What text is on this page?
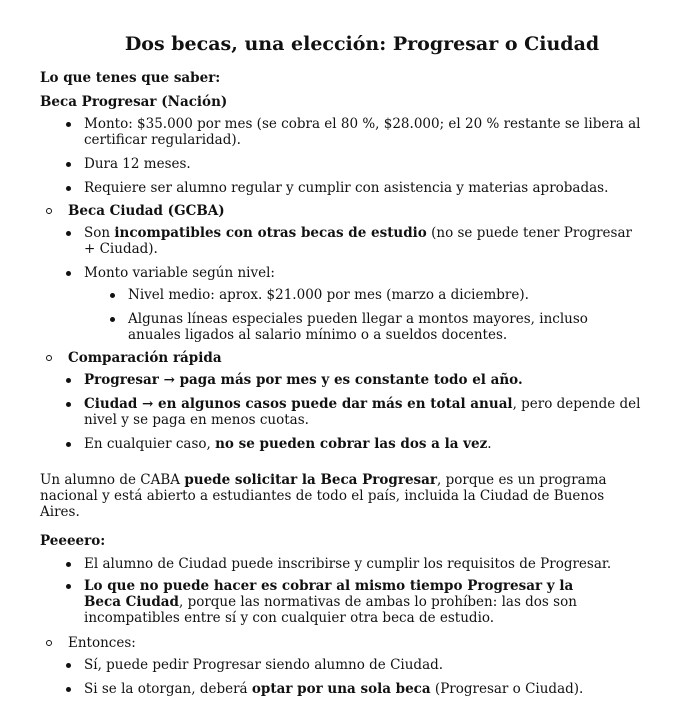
Dos becas, una elección: Progresar o Ciudad
Lo que tenes que saber:
Beca Progresar (Nación)
Monto: $35.000 por mes (se cobra el 80 %, $28.000; el 20 % restante se libera al certificar regularidad).
Dura 12 meses.
Requiere ser alumno regular y cumplir con asistencia y materias aprobadas.
Beca Ciudad (GCBA)
Son incompatibles con otras becas de estudio (no se puede tener Progresar + Ciudad).
Monto variable según nivel:
Nivel medio: aprox. $21.000 por mes (marzo a diciembre).
Algunas líneas especiales pueden llegar a montos mayores, incluso anuales ligados al salario mínimo o a sueldos docentes.
Comparación rápida
Progresar → paga más por mes y es constante todo el año.
Ciudad → en algunos casos puede dar más en total anual, pero depende del nivel y se paga en menos cuotas.
En cualquier caso, no se pueden cobrar las dos a la vez.
Un alumno de CABA puede solicitar la Beca Progresar, porque es un programa nacional y está abierto a estudiantes de todo el país, incluida la Ciudad de Buenos Aires.
Peeeero:
El alumno de Ciudad puede inscribirse y cumplir los requisitos de Progresar.
Lo que no puede hacer es cobrar al mismo tiempo Progresar y la Beca Ciudad, porque las normativas de ambas lo prohíben: las dos son incompatibles entre sí y con cualquier otra beca de estudio.
Entonces:
Sí, puede pedir Progresar siendo alumno de Ciudad.
Si se la otorgan, deberá optar por una sola beca (Progresar o Ciudad).
